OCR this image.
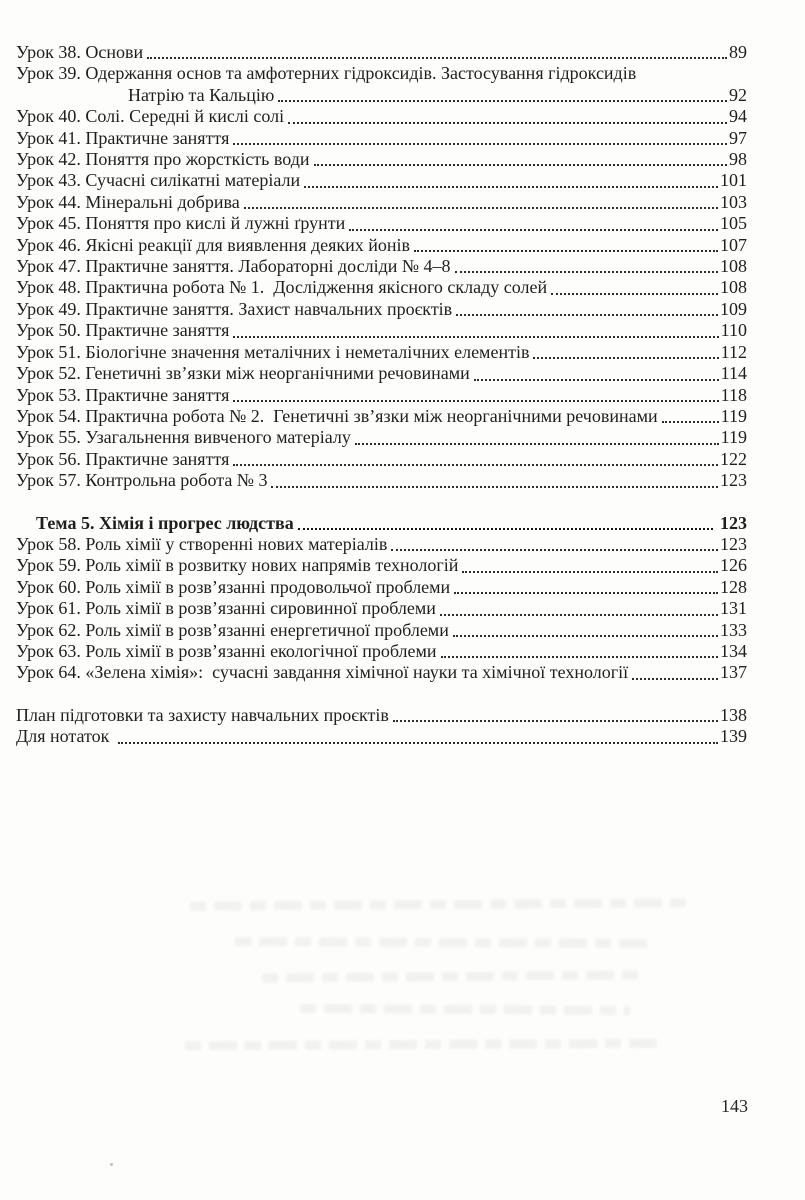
Урок 38. Основи	89
Урок 39. Одержання основ та амфотерних гідроксидів. Застосування гідроксидів
Натрію та Кальцію	92
Урок 40. Солі. Середні й кислі солі	94
Урок 41. Практичне заняття	97
Урок 42. Поняття про жорсткість води	98
Урок 43. Сучасні силікатні матеріали	101
Урок 44. Мінеральні добрива	103
Урок 45. Поняття про кислі й лужні ґрунти	105
Урок 46. Якісні реакції для виявлення деяких йонів	107
Урок 47. Практичне заняття. Лабораторні досліди № 4–8	108
Урок 48. Практична робота № 1.  Дослідження якісного складу солей	108
Урок 49. Практичне заняття. Захист навчальних проєктів	109
Урок 50. Практичне заняття	110
Урок 51. Біологічне значення металічних і неметалічних елементів	112
Урок 52. Генетичні зв’язки між неорганічними речовинами	114
Урок 53. Практичне заняття	118
Урок 54. Практична робота № 2.  Генетичні зв’язки між неорганічними речовинами	119
Урок 55. Узагальнення вивченого матеріалу	119
Урок 56. Практичне заняття	122
Урок 57. Контрольна робота № 3	123
Тема 5. Хімія і прогрес людства	123
Урок 58. Роль хімії у створенні нових матеріалів	123
Урок 59. Роль хімії в розвитку нових напрямів технологій	126
Урок 60. Роль хімії в розв’язанні продовольчої проблеми	128
Урок 61. Роль хімії в розв’язанні сировинної проблеми	131
Урок 62. Роль хімії в розв’язанні енергетичної проблеми	133
Урок 63. Роль хімії в розв’язанні екологічної проблеми	134
Урок 64. «Зелена хімія»:  сучасні завдання хімічної науки та хімічної технології	137
План підготовки та захисту навчальних проєктів	138
Для нотаток	139
143
